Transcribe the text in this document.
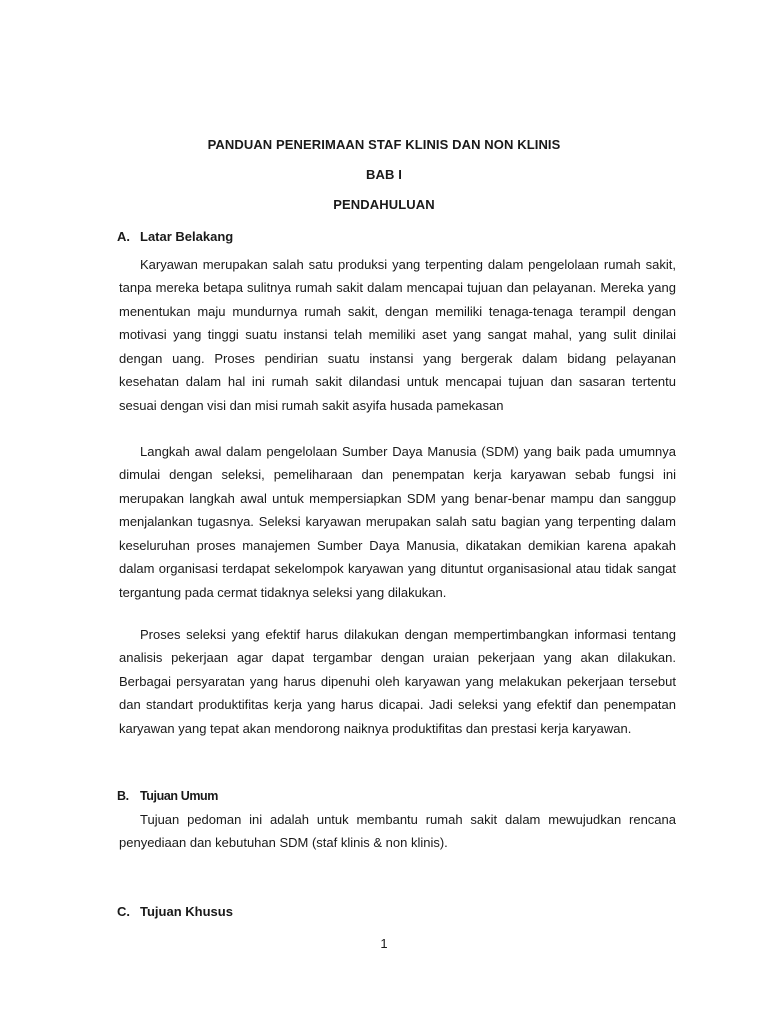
PANDUAN PENERIMAAN STAF KLINIS DAN NON KLINIS
BAB I
PENDAHULUAN
A. Latar Belakang

Karyawan merupakan salah satu produksi yang terpenting dalam pengelolaan rumah sakit, tanpa mereka betapa sulitnya rumah sakit dalam mencapai tujuan dan pelayanan. Mereka yang menentukan maju mundurnya rumah sakit, dengan memiliki tenaga-tenaga terampil dengan motivasi yang tinggi suatu instansi telah memiliki aset yang sangat mahal, yang sulit dinilai dengan uang. Proses pendirian suatu instansi yang bergerak dalam bidang pelayanan kesehatan dalam hal ini rumah sakit dilandasi untuk mencapai tujuan dan sasaran tertentu sesuai dengan visi dan misi rumah sakit asyifa husada pamekasan

Langkah awal dalam pengelolaan Sumber Daya Manusia (SDM) yang baik pada umumnya dimulai dengan seleksi, pemeliharaan dan penempatan kerja karyawan sebab fungsi ini merupakan langkah awal untuk mempersiapkan SDM yang benar-benar mampu dan sanggup menjalankan tugasnya. Seleksi karyawan merupakan salah satu bagian yang terpenting dalam keseluruhan proses manajemen Sumber Daya Manusia, dikatakan demikian karena apakah dalam organisasi terdapat sekelompok karyawan yang dituntut organisasional atau tidak sangat tergantung pada cermat tidaknya seleksi yang dilakukan.

Proses seleksi yang efektif harus dilakukan dengan mempertimbangkan informasi tentang analisis pekerjaan agar dapat tergambar dengan uraian pekerjaan yang akan dilakukan. Berbagai persyaratan yang harus dipenuhi oleh karyawan yang melakukan pekerjaan tersebut dan standart produktifitas kerja yang harus dicapai. Jadi seleksi yang efektif dan penempatan karyawan yang tepat akan mendorong naiknya produktifitas dan prestasi kerja karyawan.

B. Tujuan Umum

Tujuan pedoman ini adalah untuk membantu rumah sakit dalam mewujudkan rencana penyediaan dan kebutuhan SDM (staf klinis & non klinis).

C. Tujuan Khusus
1
